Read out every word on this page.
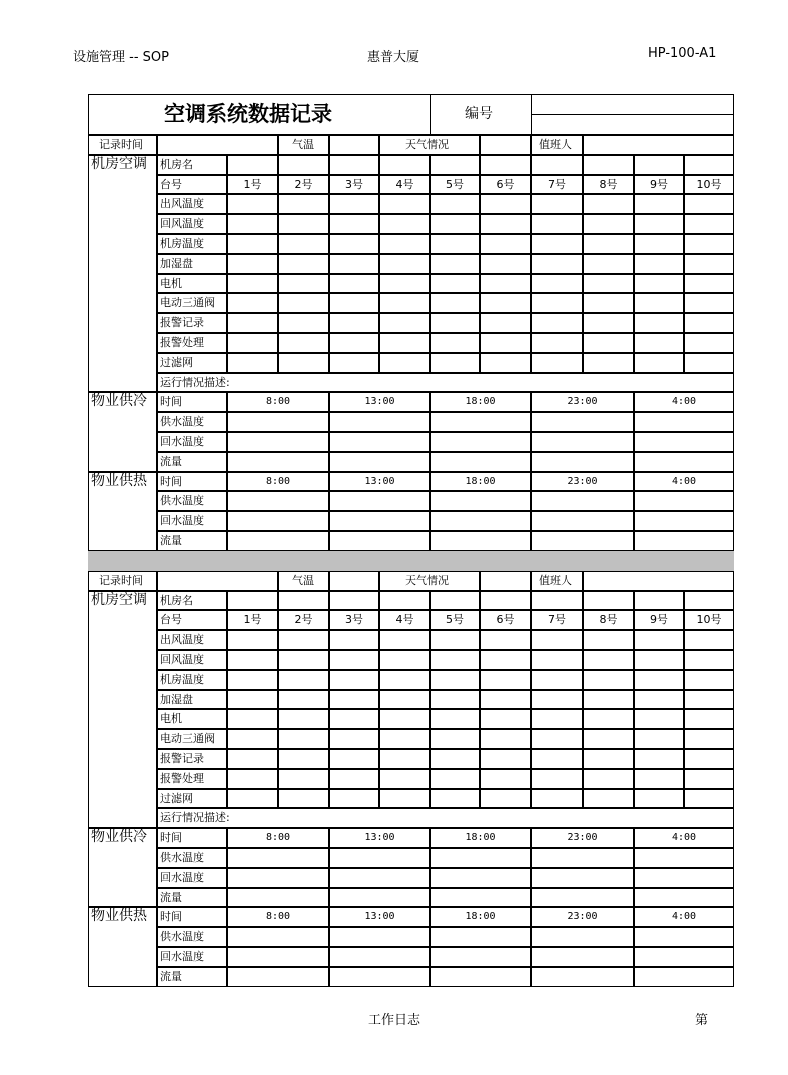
设施管理 -- SOP	惠普大厦	HP-100-A1
空调系统数据记录	编号
记录时间	气温	天气情况	值班人
机房空调 机房名
台号	1号	2号	3号	4号	5号	6号	7号	8号	9号	10号
出风温度
回风温度
机房温度
加湿盘
电机
电动三通阀
报警记录
报警处理
过滤网
运行情况描述:
物业供冷 时间	8:00	13:00	18:00	23:00	4:00
供水温度
回水温度
流量
物业供热 时间	8:00	13:00	18:00	23:00	4:00
供水温度
回水温度
流量
记录时间	气温	天气情况	值班人
机房空调 机房名
台号	1号	2号	3号	4号	5号	6号	7号	8号	9号	10号
出风温度
回风温度
机房温度
加湿盘
电机
电动三通阀
报警记录
报警处理
过滤网
运行情况描述:
物业供冷 时间	8:00	13:00	18:00	23:00	4:00
供水温度
回水温度
流量
物业供热 时间	8:00	13:00	18:00	23:00	4:00
供水温度
回水温度
流量
工作日志	第
